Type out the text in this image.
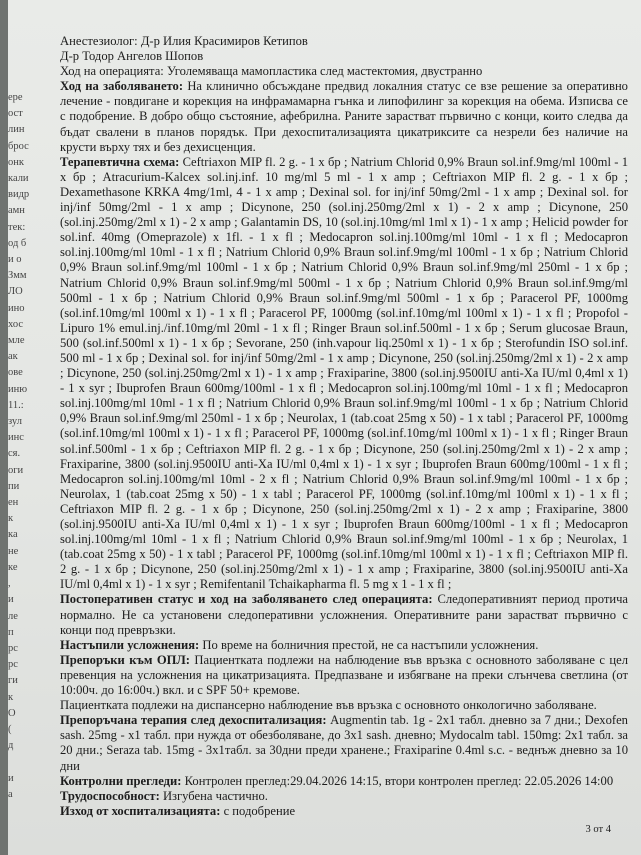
ере
ост
лин
брос
онк
кали
видр
амн
тек:
од б
и о
Змм
ЛО
ино
хос
мле
ак
ове
иню
11.:
зул
инс
ся.
оги
пи
ен
к
ка
не
ке
,
и
ле
п
рс
рс
ги
к
О
(
д

и
а

Анестезиолог: Д-р Илия Красимиров Кетипов

Д-р Тодор Ангелов Шопов

Ход на операцията: Уголемяваща мамопластика след мастектомия, двустранно

Ход на заболяването: На клинично обсъждане предвид локалния статус се взе решение за оперативно лечение - повдигане и корекция на инфрамамарна гънка и липофилинг за корекция на обема. Изписва се с подобрение. В добро общо състояние, афебрилна. Раните зарастват първично с конци, които следва да бъдат свалени в планов порядък. При дехоспитализацията цикатриксите са незрели без наличие на крусти върху тях и без дехисценция.

Терапевтична схема: Ceftriaxon MIP fl. 2 g. - 1 x бр ; Natrium Chlorid 0,9% Braun sol.inf.9mg/ml 100ml - 1 x бр ; Atracurium-Kalcex sol.inj.inf. 10 mg/ml 5 ml - 1 x amp ; Ceftriaxon MIP fl. 2 g. - 1 x бр ; Dexamethasone KRKA 4mg/1ml, 4 - 1 x amp ; Dexinal sol. for inj/inf 50mg/2ml - 1 x amp ; Dexinal sol. for inj/inf 50mg/2ml - 1 x amp ; Dicynone, 250 (sol.inj.250mg/2ml x 1) - 2 x amp ; Dicynone, 250 (sol.inj.250mg/2ml x 1) - 2 x amp ; Galantamin DS, 10 (sol.inj.10mg/ml 1ml x 1) - 1 x amp ; Helicid powder for sol.inf. 40mg (Omeprazole) x 1fl. - 1 x fl ; Medocapron sol.inj.100mg/ml 10ml - 1 x fl ; Medocapron sol.inj.100mg/ml 10ml - 1 x fl ; Natrium Chlorid 0,9% Braun sol.inf.9mg/ml 100ml - 1 x бр ; Natrium Chlorid 0,9% Braun sol.inf.9mg/ml 100ml - 1 x бр ; Natrium Chlorid 0,9% Braun sol.inf.9mg/ml 250ml - 1 x бр ; Natrium Chlorid 0,9% Braun sol.inf.9mg/ml 500ml - 1 x бр ; Natrium Chlorid 0,9% Braun sol.inf.9mg/ml 500ml - 1 x бр ; Natrium Chlorid 0,9% Braun sol.inf.9mg/ml 500ml - 1 x бр ; Paracerol PF, 1000mg (sol.inf.10mg/ml 100ml x 1) - 1 x fl ; Paracerol PF, 1000mg (sol.inf.10mg/ml 100ml x 1) - 1 x fl ; Propofol - Lipuro 1% emul.inj./inf.10mg/ml 20ml - 1 x fl ; Ringer Braun sol.inf.500ml - 1 x бр ; Serum glucosae Braun, 500 (sol.inf.500ml x 1) - 1 x бр ; Sevorane, 250 (inh.vapour liq.250ml x 1) - 1 x бр ; Sterofundin ISO sol.inf. 500 ml - 1 x бр ; Dexinal sol. for inj/inf 50mg/2ml - 1 x amp ; Dicynone, 250 (sol.inj.250mg/2ml x 1) - 2 x amp ; Dicynone, 250 (sol.inj.250mg/2ml x 1) - 1 x amp ; Fraxiparine, 3800 (sol.inj.9500IU anti-Xa IU/ml 0,4ml x 1) - 1 x syr ; Ibuprofen Braun 600mg/100ml - 1 x fl ; Medocapron sol.inj.100mg/ml 10ml - 1 x fl ; Medocapron sol.inj.100mg/ml 10ml - 1 x fl ; Natrium Chlorid 0,9% Braun sol.inf.9mg/ml 100ml - 1 x бр ; Natrium Chlorid 0,9% Braun sol.inf.9mg/ml 250ml - 1 x бр ; Neurolax, 1 (tab.coat 25mg x 50) - 1 x tabl ; Paracerol PF, 1000mg (sol.inf.10mg/ml 100ml x 1) - 1 x fl ; Paracerol PF, 1000mg (sol.inf.10mg/ml 100ml x 1) - 1 x fl ; Ringer Braun sol.inf.500ml - 1 x бр ; Ceftriaxon MIP fl. 2 g. - 1 x бр ; Dicynone, 250 (sol.inj.250mg/2ml x 1) - 2 x amp ; Fraxiparine, 3800 (sol.inj.9500IU anti-Xa IU/ml 0,4ml x 1) - 1 x syr ; Ibuprofen Braun 600mg/100ml - 1 x fl ; Medocapron sol.inj.100mg/ml 10ml - 2 x fl ; Natrium Chlorid 0,9% Braun sol.inf.9mg/ml 100ml - 1 x бр ; Neurolax, 1 (tab.coat 25mg x 50) - 1 x tabl ; Paracerol PF, 1000mg (sol.inf.10mg/ml 100ml x 1) - 1 x fl ; Ceftriaxon MIP fl. 2 g. - 1 x бр ; Dicynone, 250 (sol.inj.250mg/2ml x 1) - 2 x amp ; Fraxiparine, 3800 (sol.inj.9500IU anti-Xa IU/ml 0,4ml x 1) - 1 x syr ; Ibuprofen Braun 600mg/100ml - 1 x fl ; Medocapron sol.inj.100mg/ml 10ml - 1 x fl ; Natrium Chlorid 0,9% Braun sol.inf.9mg/ml 100ml - 1 x бр ; Neurolax, 1 (tab.coat 25mg x 50) - 1 x tabl ; Paracerol PF, 1000mg (sol.inf.10mg/ml 100ml x 1) - 1 x fl ; Ceftriaxon MIP fl. 2 g. - 1 x бр ; Dicynone, 250 (sol.inj.250mg/2ml x 1) - 1 x amp ; Fraxiparine, 3800 (sol.inj.9500IU anti-Xa IU/ml 0,4ml x 1) - 1 x syr ; Remifentanil Tchaikapharma fl. 5 mg x 1 - 1 x fl ;

Постоперативен статус и ход на заболяването след операцията: Следоперативният период протича нормално. Не са установени следоперативни усложнения. Оперативните рани зарастват първично с конци под превръзки.

Настъпили усложнения: По време на болничния престой, не са настъпили усложнения.

Препоръки към ОПЛ: Пациентката подлежи на наблюдение във връзка с основното заболяване с цел превенция на усложнения на цикатризацията. Предпазване и избягване на преки слънчева светлина (от 10:00ч. до 16:00ч.) вкл. и с SPF 50+ кремове.

Пациентката подлежи на диспансерно наблюдение във връзка с основното онкологично заболяване.

Препоръчана терапия след дехоспитализация: Augmentin tab. 1g - 2x1 табл. дневно за 7 дни.; Dexofen sash. 25mg - x1 табл. при нужда от обезболяване, до 3x1 sash. дневно; Mydocalm tabl. 150mg: 2x1 табл. за 20 дни.; Seraza tab. 15mg - 3x1табл. за 30дни преди хранене.; Fraxiparine 0.4ml s.c. - веднъж дневно за 10 дни

Контролни прегледи: Контролен преглед:29.04.2026 14:15, втори контролен преглед: 22.05.2026 14:00

Трудоспособност: Изгубена частично.

Изход от хоспитализацията: с подобрение

3 от 4
